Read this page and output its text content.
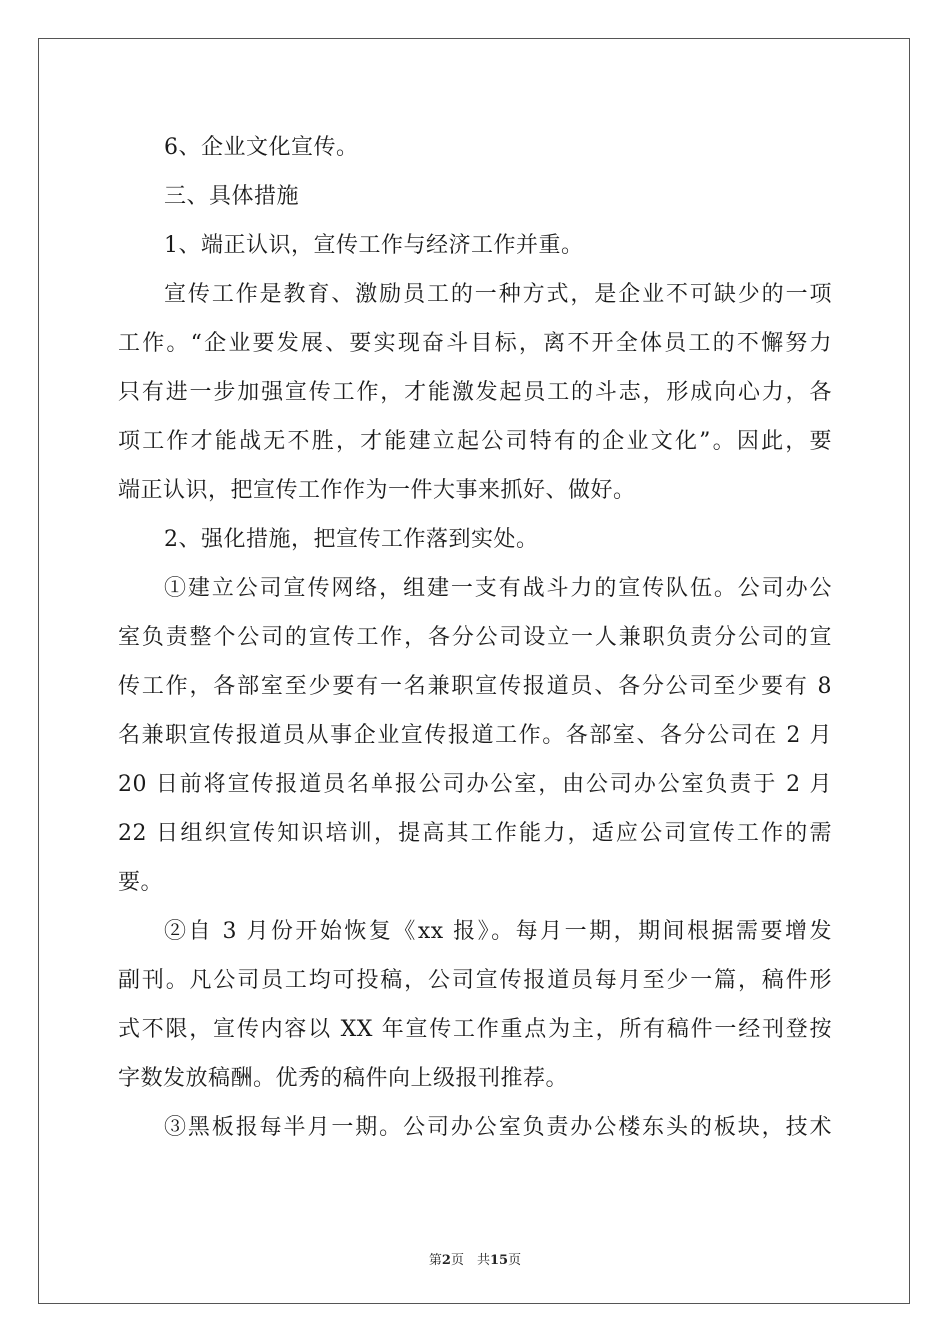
6、企业文化宣传。
三、具体措施
1、端正认识，宣传工作与经济工作并重。
宣传工作是教育、激励员工的一种方式，是企业不可缺少的一项
工作。“企业要发展、要实现奋斗目标，离不开全体员工的不懈努力
只有进一步加强宣传工作，才能激发起员工的斗志，形成向心力，各
项工作才能战无不胜，才能建立起公司特有的企业文化”。因此，要
端正认识，把宣传工作作为一件大事来抓好、做好。
2、强化措施，把宣传工作落到实处。
①建立公司宣传网络，组建一支有战斗力的宣传队伍。公司办公
室负责整个公司的宣传工作，各分公司设立一人兼职负责分公司的宣
传工作，各部室至少要有一名兼职宣传报道员、各分公司至少要有 8
名兼职宣传报道员从事企业宣传报道工作。各部室、各分公司在 2 月
20 日前将宣传报道员名单报公司办公室，由公司办公室负责于 2 月
22 日组织宣传知识培训，提高其工作能力，适应公司宣传工作的需
要。
②自 3 月份开始恢复《xx 报》。每月一期，期间根据需要增发
副刊。凡公司员工均可投稿，公司宣传报道员每月至少一篇，稿件形
式不限，宣传内容以 XX 年宣传工作重点为主，所有稿件一经刊登按
字数发放稿酬。优秀的稿件向上级报刊推荐。
③黑板报每半月一期。公司办公室负责办公楼东头的板块，技术
第2页　共15页
